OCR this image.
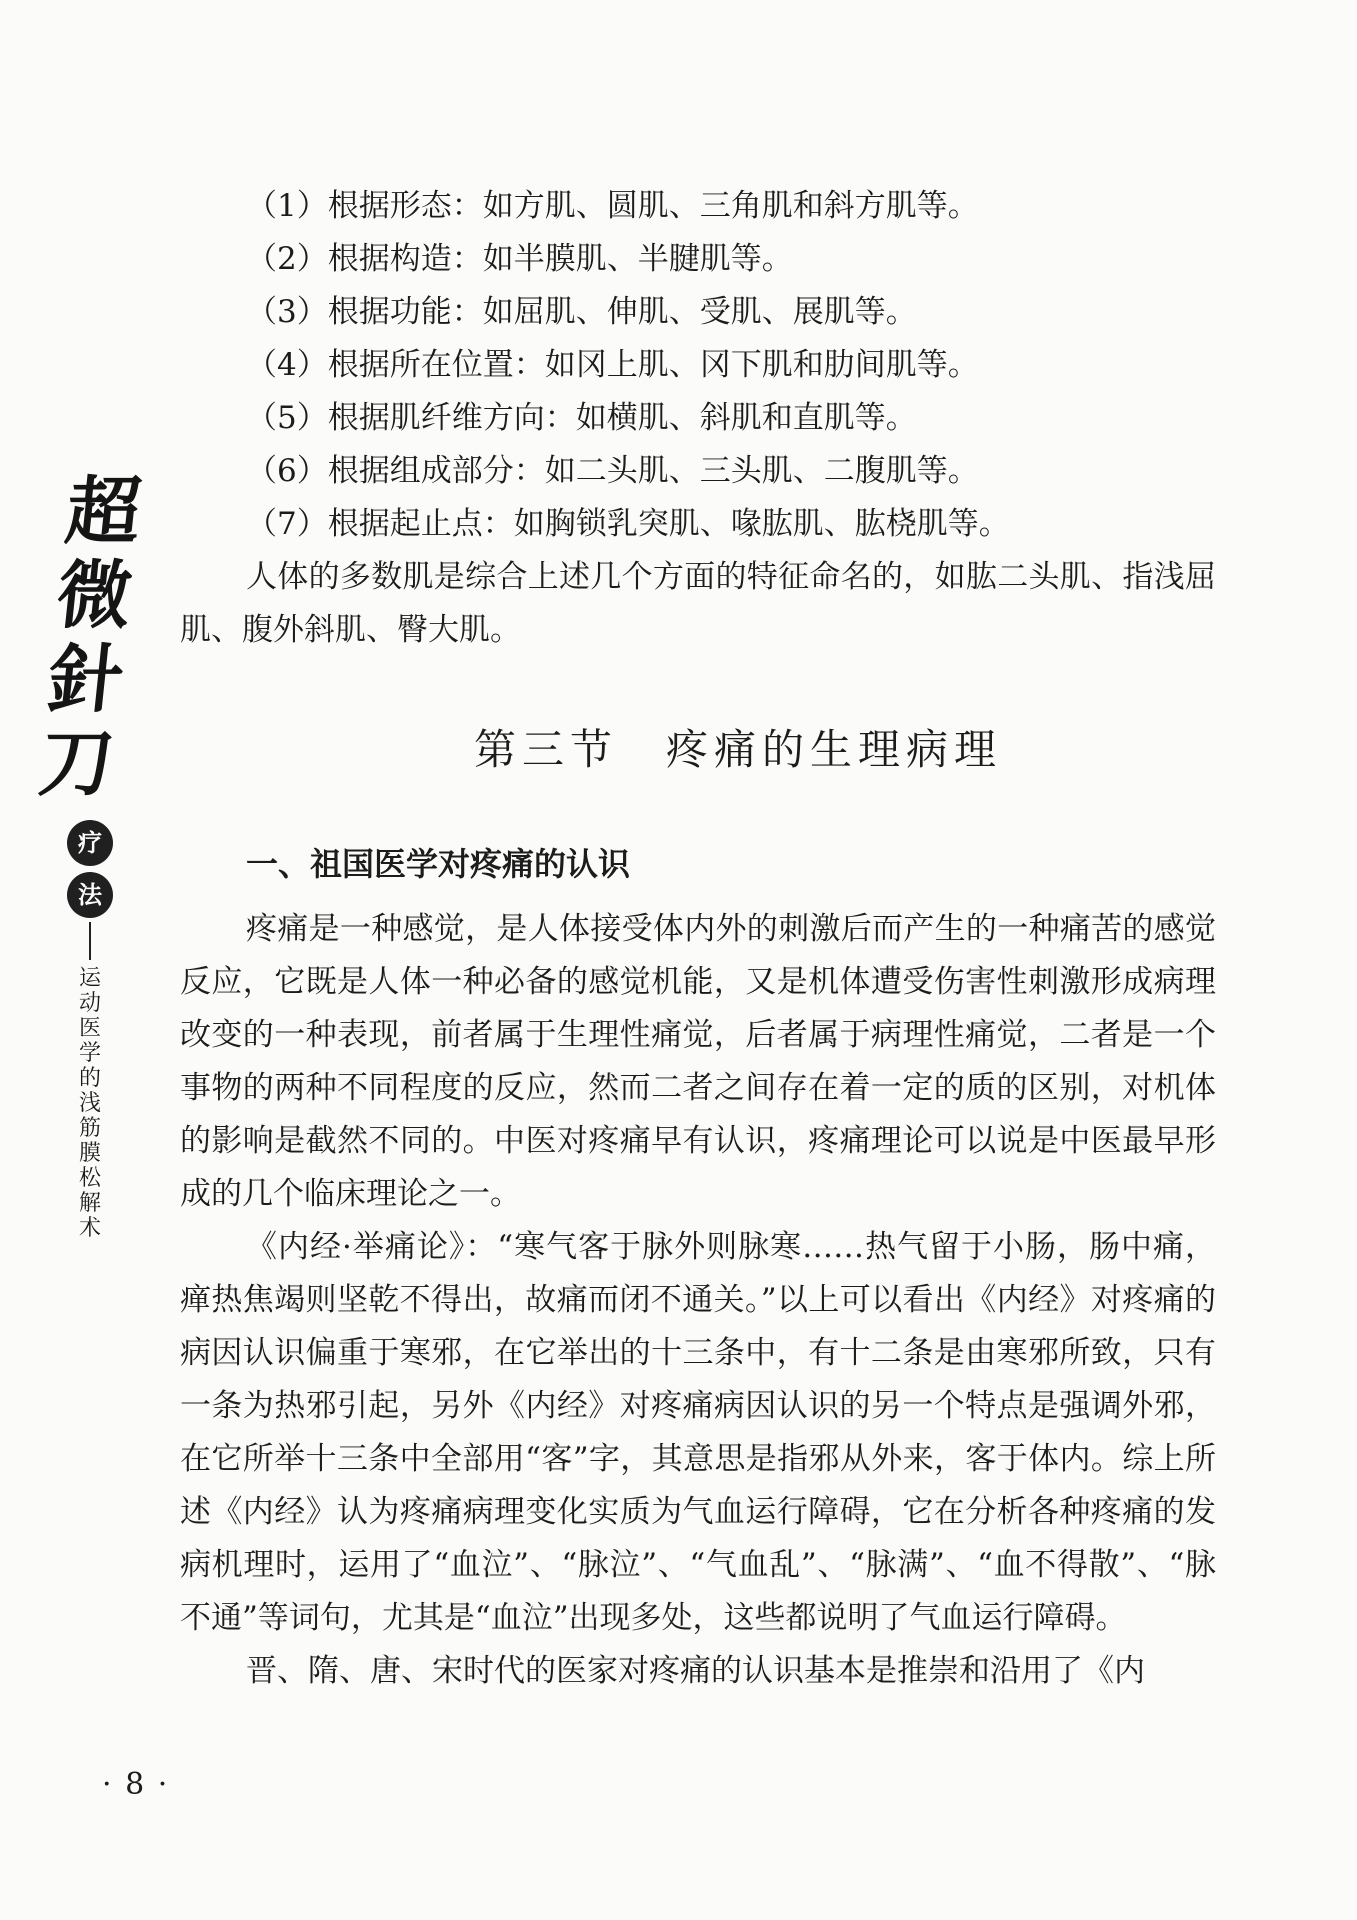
超微針刀
疗
法
运动医学的浅筋膜松解术
（1）根据形态：如方肌、圆肌、三角肌和斜方肌等。
（2）根据构造：如半膜肌、半腱肌等。
（3）根据功能：如屈肌、伸肌、受肌、展肌等。
（4）根据所在位置：如冈上肌、冈下肌和肋间肌等。
（5）根据肌纤维方向：如横肌、斜肌和直肌等。
（6）根据组成部分：如二头肌、三头肌、二腹肌等。
（7）根据起止点：如胸锁乳突肌、喙肱肌、肱桡肌等。

人体的多数肌是综合上述几个方面的特征命名的，如肱二头肌、指浅屈肌、腹外斜肌、臀大肌。

第三节　疼痛的生理病理
一、祖国医学对疼痛的认识

疼痛是一种感觉，是人体接受体内外的刺激后而产生的一种痛苦的感觉反应，它既是人体一种必备的感觉机能，又是机体遭受伤害性刺激形成病理改变的一种表现，前者属于生理性痛觉，后者属于病理性痛觉，二者是一个事物的两种不同程度的反应，然而二者之间存在着一定的质的区别，对机体的影响是截然不同的。中医对疼痛早有认识，疼痛理论可以说是中医最早形成的几个临床理论之一。

《内经·举痛论》：“寒气客于脉外则脉寒……热气留于小肠，肠中痛，瘅热焦竭则坚乾不得出，故痛而闭不通关。”以上可以看出《内经》对疼痛的病因认识偏重于寒邪，在它举出的十三条中，有十二条是由寒邪所致，只有一条为热邪引起，另外《内经》对疼痛病因认识的另一个特点是强调外邪，在它所举十三条中全部用“客”字，其意思是指邪从外来，客于体内。综上所述《内经》认为疼痛病理变化实质为气血运行障碍，它在分析各种疼痛的发病机理时，运用了“血泣”、“脉泣”、“气血乱”、“脉满”、“血不得散”、“脉不通”等词句，尤其是“血泣”出现多处，这些都说明了气血运行障碍。

晋、隋、唐、宋时代的医家对疼痛的认识基本是推崇和沿用了《内

· 8 ·
